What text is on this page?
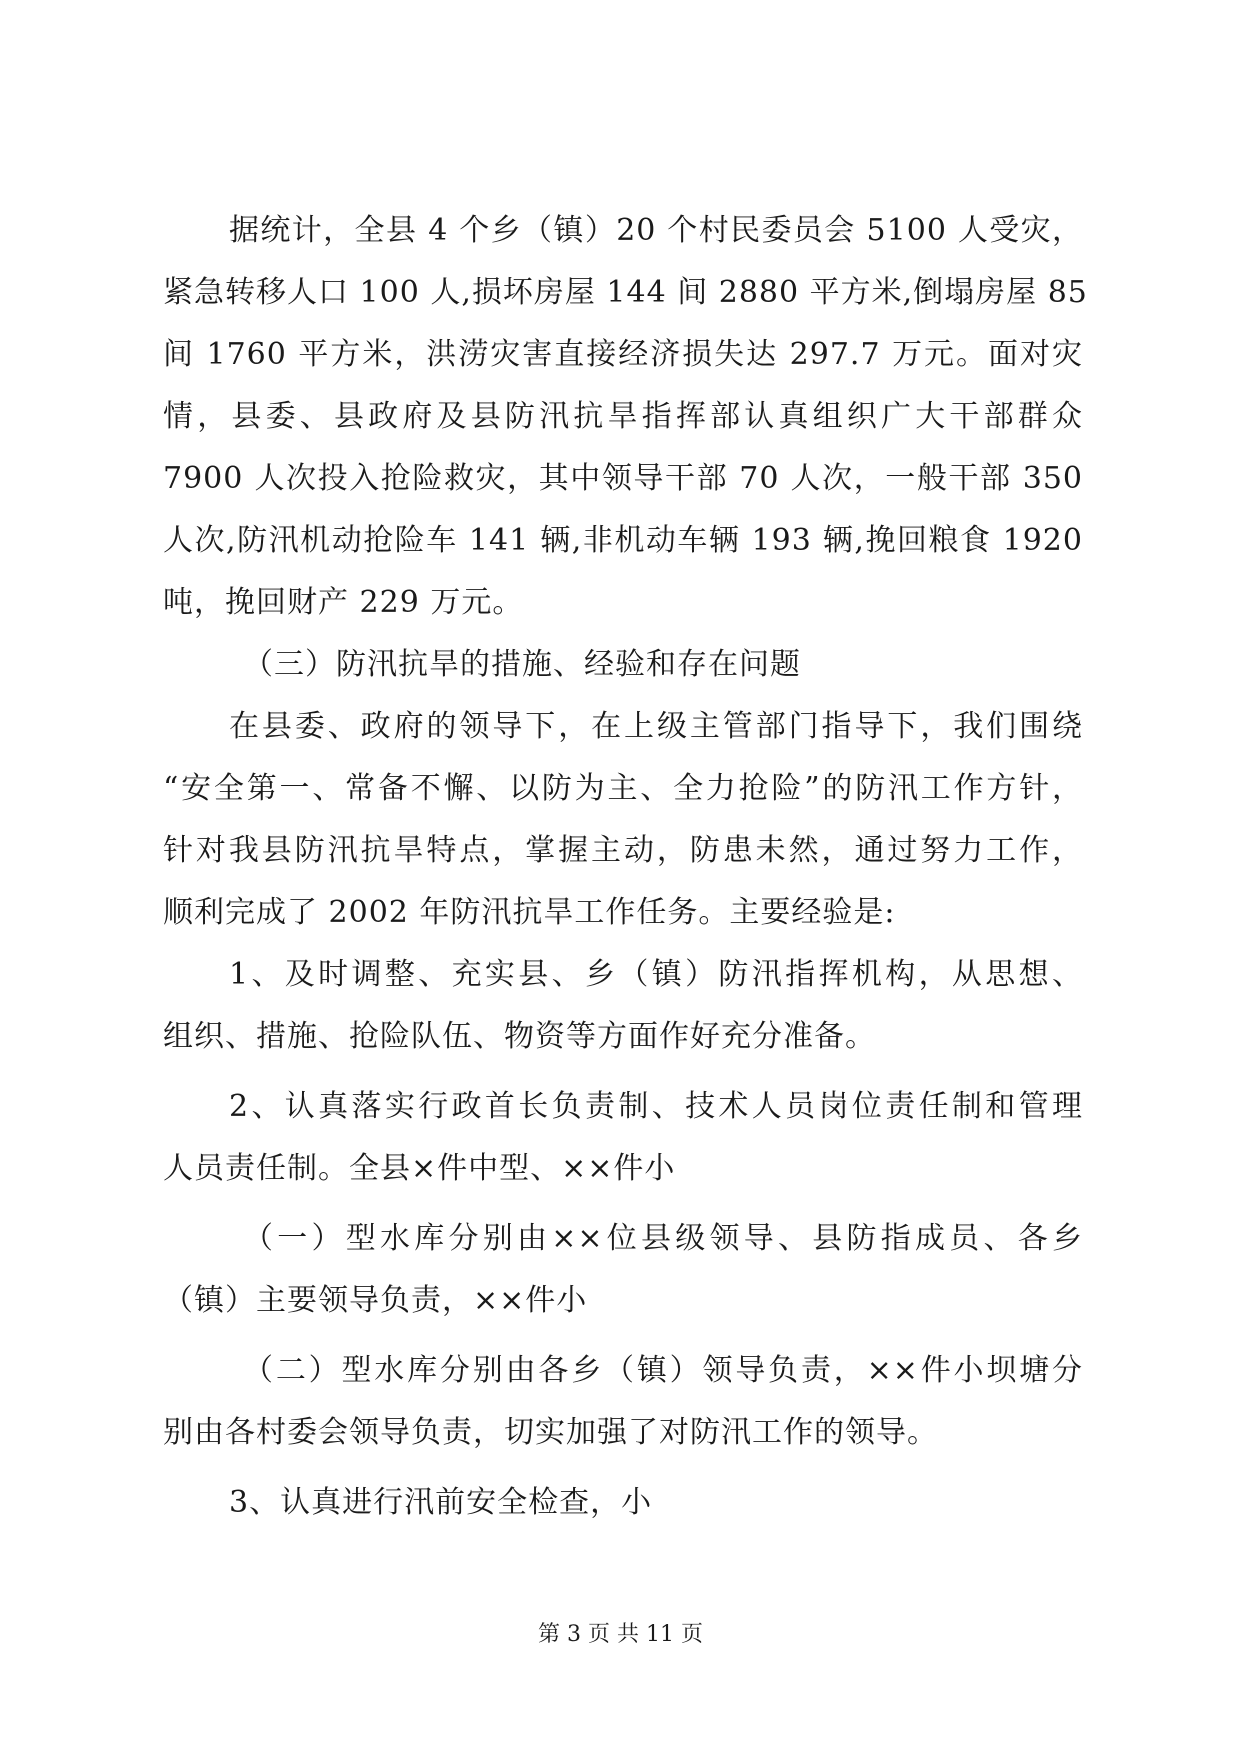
据统计，全县 4 个乡（镇）20 个村民委员会 5100 人受灾，
紧急转移人口 100 人,损坏房屋 144 间 2880 平方米,倒塌房屋 85
间 1760 平方米，洪涝灾害直接经济损失达 297.7 万元。面对灾
情，县委、县政府及县防汛抗旱指挥部认真组织广大干部群众
7900 人次投入抢险救灾，其中领导干部 70 人次，一般干部 350
人次,防汛机动抢险车 141 辆,非机动车辆 193 辆,挽回粮食 1920
吨，挽回财产 229 万元。
（三）防汛抗旱的措施、经验和存在问题
在县委、政府的领导下，在上级主管部门指导下，我们围绕
“安全第一、常备不懈、以防为主、全力抢险”的防汛工作方针，
针对我县防汛抗旱特点，掌握主动，防患未然，通过努力工作，
顺利完成了 2002 年防汛抗旱工作任务。主要经验是:
1、及时调整、充实县、乡（镇）防汛指挥机构，从思想、
组织、措施、抢险队伍、物资等方面作好充分准备。
2、认真落实行政首长负责制、技术人员岗位责任制和管理
人员责任制。全县×件中型、××件小
（一）型水库分别由××位县级领导、县防指成员、各乡
（镇）主要领导负责，××件小
（二）型水库分别由各乡（镇）领导负责，××件小坝塘分
别由各村委会领导负责，切实加强了对防汛工作的领导。
3、认真进行汛前安全检查，小
第 3 页 共 11 页
